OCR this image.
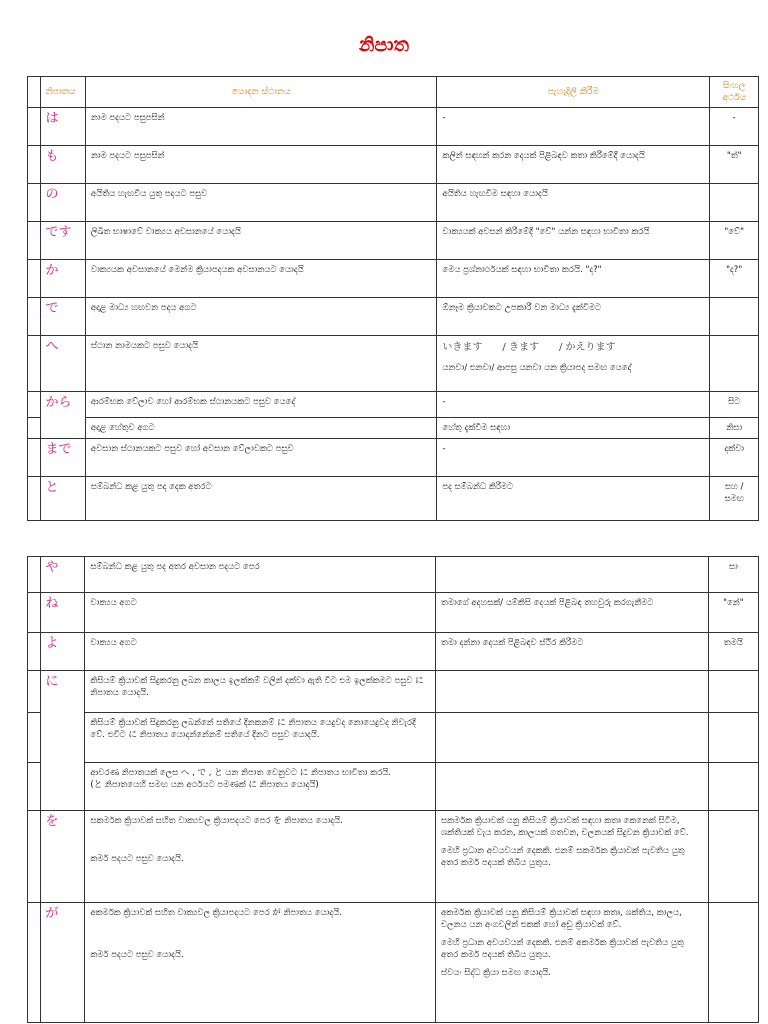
නිපාත
	නිපාතය	යොදන ස්ථානය	පැහැදිලි කිරීම	සිංහල අර්ථය
	は	නාම පදයට පසුපසින්	-	-
	も	නාම පදයට පසුපසින්	කලින් සඳහන් කරන දෙයක් පිළිබඳව කතා කිරීමේදී යොදයි	"ත්"
	の	අයිතිය හැඟවිය යුතු පදයට පසුව	අයිතිය හැඟවීම සඳහා යොදයි	
	です	ලිඛිත භාෂාවේ වාක්‍යය අවසානයේ යොදයි	වාක්‍යයක් අවසන් කිරීමේදී "වේ" යන්න සඳහා භාවිතා කරයි	"වේ"
	か	වාක්‍යයක අවසානයේ මෙන්ම ක්‍රියාපදයක අවසානයට යොදයි	මෙය ප්‍රශ්නාර්ථයක් සඳහා භාවිතා කරයි. "ද?"	"ද?"
	で	අදාළ මාධ්‍ය හඟවන පදය අගට	ඕනෑම ක්‍රියාවකට උපකාරී වන මාධ්‍ය දැක්වීමට	
	へ	ස්ථාන නාමයකට පසුව යොදයි	いきます　　/ きます　　/ かえります
යනවා/ එනවා/ ආපසු යනවා යන ක්‍රියාපද සමඟ යෙදේ	

	から	ආරම්භක වේලාව හෝ ආරම්භක ස්ථානයකට පසුව යෙදේ	-	සිට
		අදාළ හේතුව අගට	හේතු දැක්වීම සඳහා	නිසා
	まで	අවසාන ස්ථානයකට පසුව හෝ අවසාන වේලාවකට පසුව	-	දක්වා
	と	සම්බන්ධ කළ යුතු පද දෙක අතරට	පද සම්බන්ධ කිරීමට	සහ /සමඟ
	や	සම්බන්ධ කළ යුතු පද අතර අවසාන පදයට පෙර		සා
	ね	වාක්‍යය අගට	තමාගේ අදහසක්/ යම්කිසි දෙයක් පිළිබඳ තහවුරු කරගැනීමට	"නේ"
	よ	වාක්‍යය අගට	තමා දන්නා දෙයක් පිළිබඳව ස්ථිර කිරීමට	තමයි
	に	කිසියම් ක්‍රියාවක් සිදුකරනු ලබන කාලය ඉලක්කම් වලින් දක්වා ඇති විට එම ඉලක්කමට පසුව に නිපාතය යොදයි.		
		කිසියම් ක්‍රියාවක් සිදුකරනු ලබන්නේ සතියේ දිනකනම් に නිපාතය යෙදුවද නොයෙදුවද නිවැරදි වේ. එවිට に නිපාතය යොදන්නේනම් සතියේ දිනට පසුව යොදයි.		

		ආවරණ නිපාතයක් ලෙස へ , で , と යන නිපාත වෙනුවට に නිපාතය භාවිතා කරයි.
(と නිපාතයෙහි සමඟ යන අර්ථයට පමණක් に නිපාතය යොදයි)		

	を	සකර්මක ක්‍රියාවක් සහිත වාක්‍යවල ක්‍රියාපදයට පෙර を නිපාතය යොදයි.
කර්ම පදයට පසුව යොදයි.	සකර්මක ක්‍රියාවක් යනු කිසියම් ක්‍රියාවක් සඳහා කතෘ කෙනෙක් සිටීම, ශක්තියක් වැය කරන, කාලයක් ගතවන, චලනයක් සිදුවන ක්‍රියාවක් වේ.
මෙහි ප්‍රධාන අවයවයන් දෙකකි. එනම් සකර්මක ක්‍රියාවක් පැවතිය යුතු අතර කර්ම පදයක් තිබිය යුතුය.	

	が	අකර්මක ක්‍රියාවක් සහිත වාක්‍යවල ක්‍රියාපදයට පෙර が නිපාතය යොදයි.
කර්ම පදයට පසුව යොදයි.	අකර්මක ක්‍රියාවක් යනු කිසියම් ක්‍රියාවක් සඳහා කතෘ, ශක්තිය, කාලය, චලනය යන අංගවලින් එකක් හෝ අඩු ක්‍රියාවක් වේ.
මෙහි ප්‍රධාන අවයවයන් දෙකකි. එනම් අකර්මක ක්‍රියාවක් පැවතිය යුතු අතර කර්ම පදයක් තිබිය යුතුය.
ස්වයං සිද්ධ ක්‍රියා සමඟ යොදයි.	
